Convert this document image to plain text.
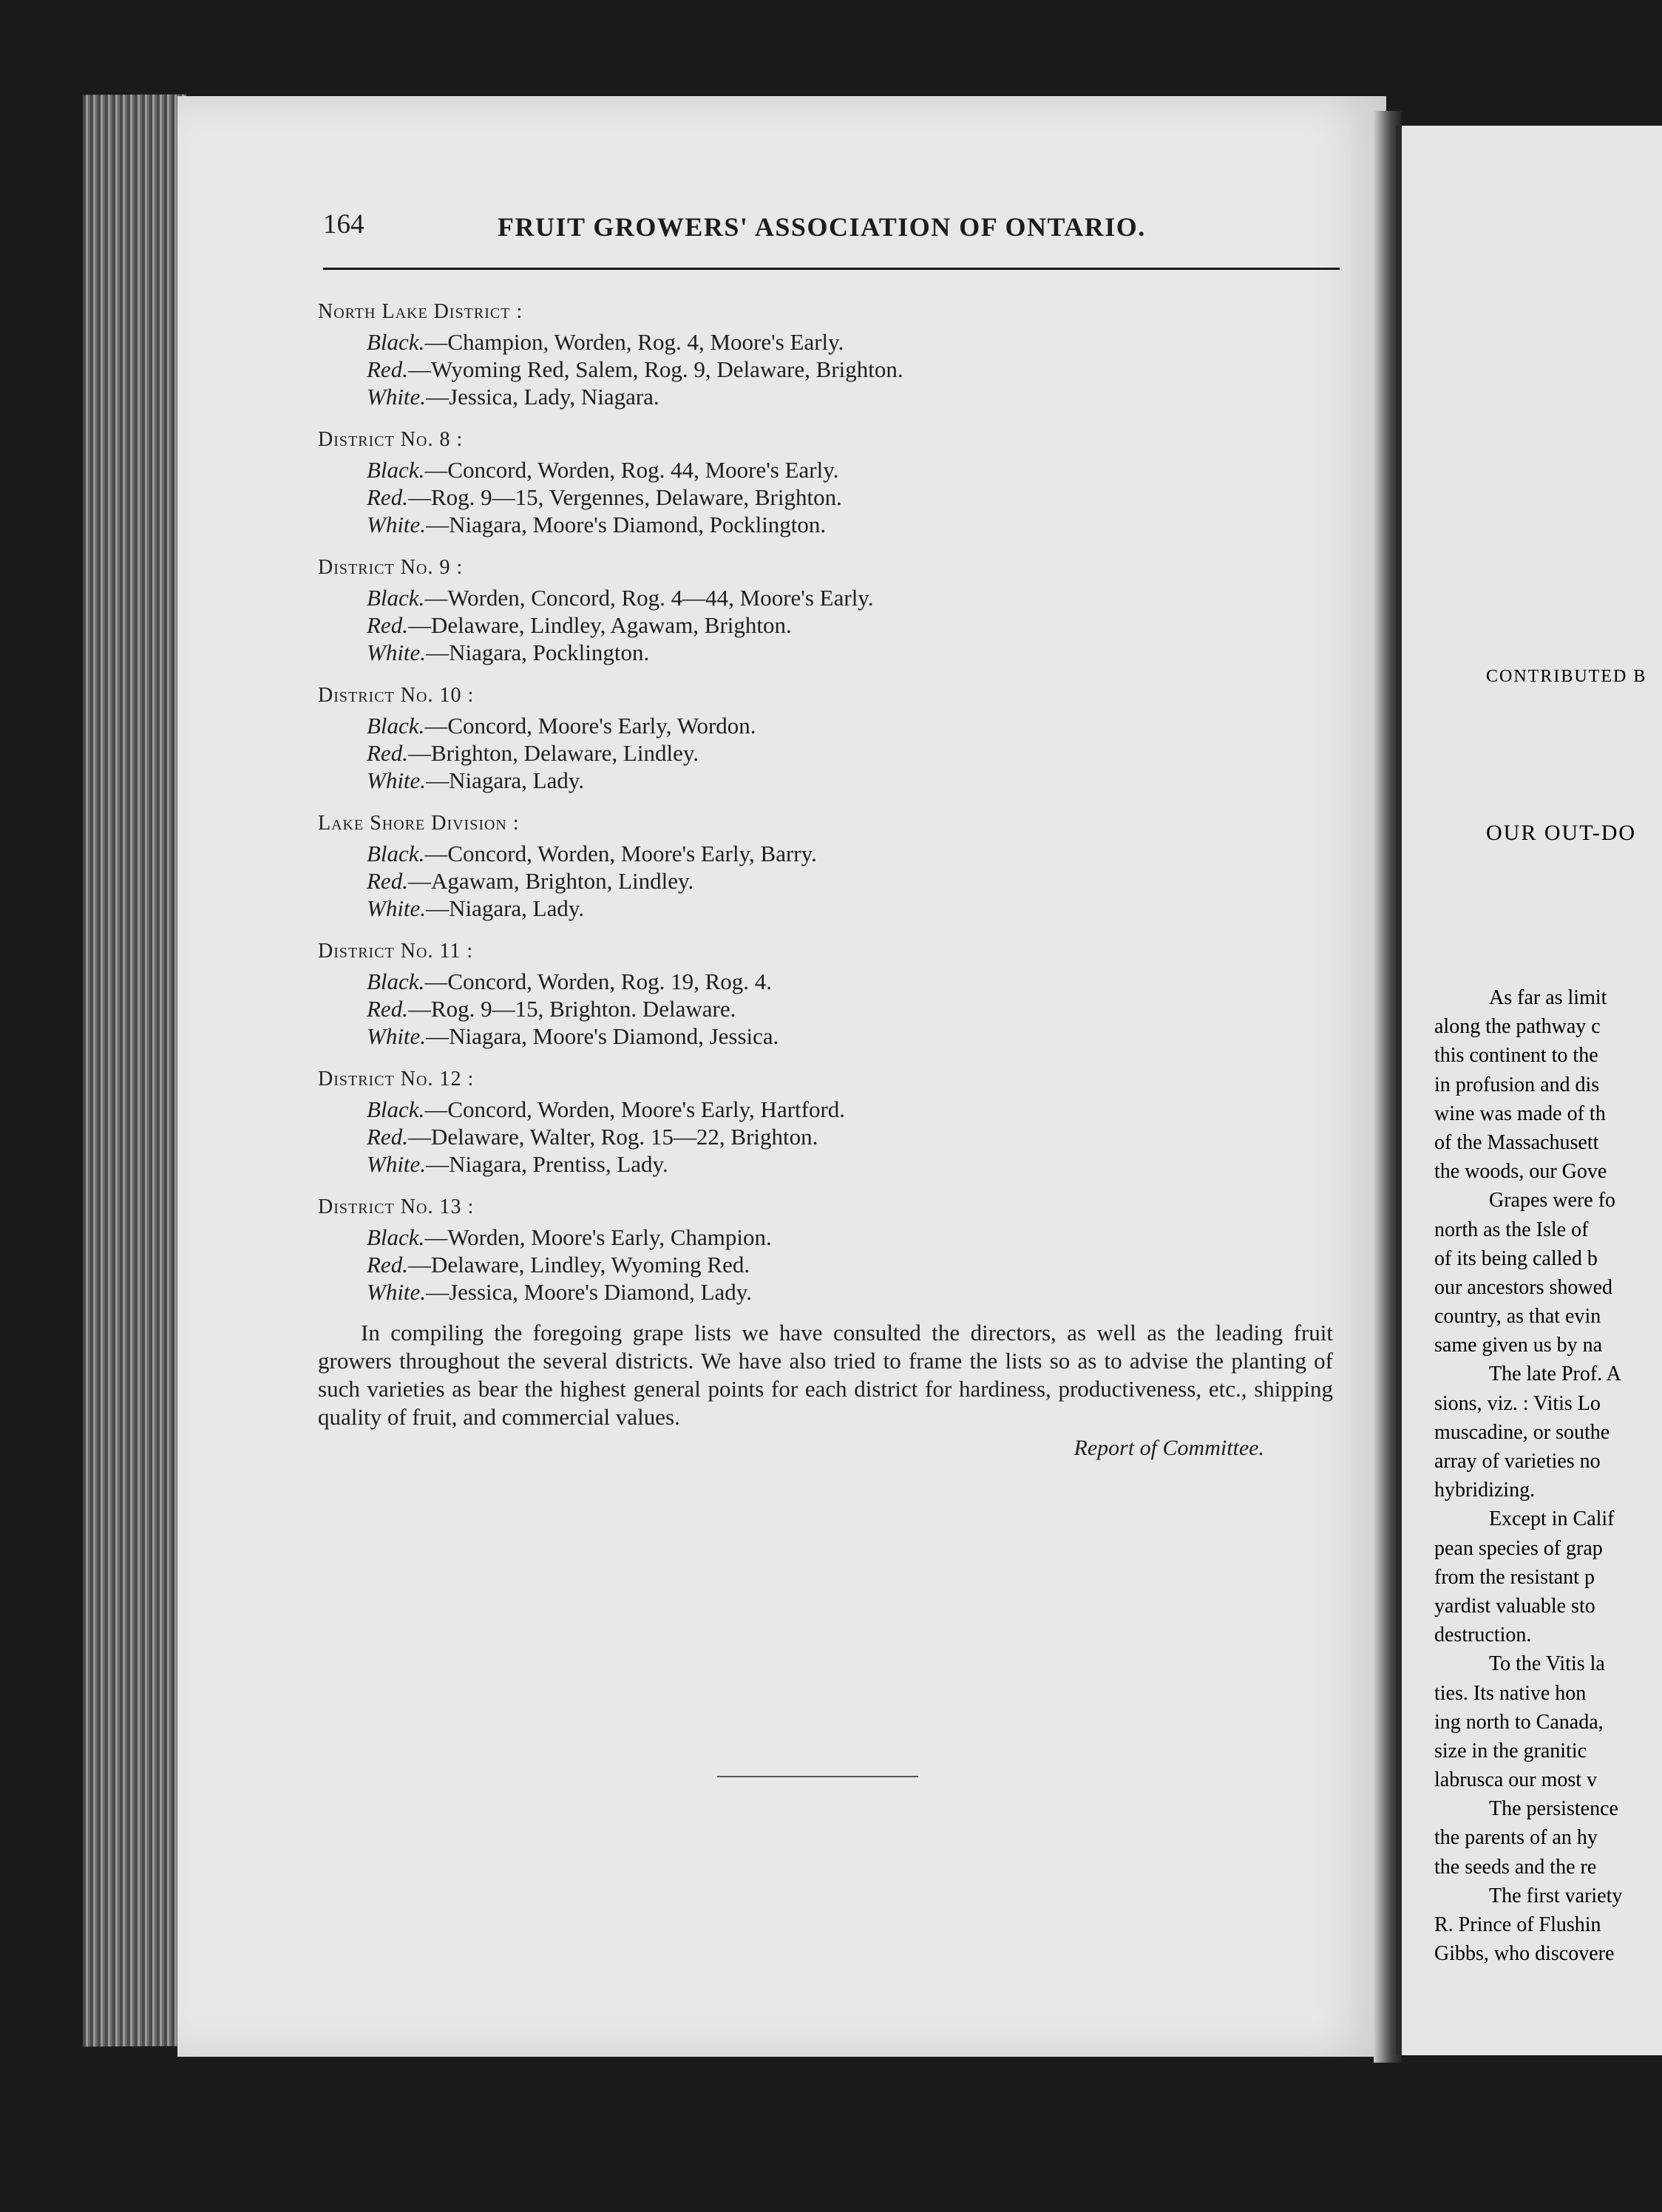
164	FRUIT GROWERS' ASSOCIATION OF ONTARIO.
North Lake District :
Black.—Champion, Worden, Rog. 4, Moore's Early.
Red.—Wyoming Red, Salem, Rog. 9, Delaware, Brighton.
White.—Jessica, Lady, Niagara.
District No. 8 :
Black.—Concord, Worden, Rog. 44, Moore's Early.
Red.—Rog. 9—15, Vergennes, Delaware, Brighton.
White.—Niagara, Moore's Diamond, Pocklington.
District No. 9 :
Black.—Worden, Concord, Rog. 4—44, Moore's Early.
Red.—Delaware, Lindley, Agawam, Brighton.
White.—Niagara, Pocklington.
District No. 10 :
Black.—Concord, Moore's Early, Wordon.
Red.—Brighton, Delaware, Lindley.
White.—Niagara, Lady.
Lake Shore Division :
Black.—Concord, Worden, Moore's Early, Barry.
Red.—Agawam, Brighton, Lindley.
White.—Niagara, Lady.
District No. 11 :
Black.—Concord, Worden, Rog. 19, Rog. 4.
Red.—Rog. 9—15, Brighton. Delaware.
White.—Niagara, Moore's Diamond, Jessica.
District No. 12 :
Black.—Concord, Worden, Moore's Early, Hartford.
Red.—Delaware, Walter, Rog. 15—22, Brighton.
White.—Niagara, Prentiss, Lady.
District No. 13 :
Black.—Worden, Moore's Early, Champion.
Red.—Delaware, Lindley, Wyoming Red.
White.—Jessica, Moore's Diamond, Lady.

In compiling the foregoing grape lists we have consulted the directors, as well as the leading fruit growers throughout the several districts. We have also tried to frame the lists so as to advise the planting of such varieties as bear the highest general points for each district for hardiness, productiveness, etc., shipping quality of fruit, and commercial values.

Report of Committee.
CONTRIBUTED B
OUR OUT-DO
As far as limit
along the pathway c
this continent to the
in profusion and dis
wine was made of th
of the Massachusett
the woods, our Gove
Grapes were fo
north as the Isle of
of its being called b
our ancestors showed
country, as that evin
same given us by na
The late Prof. A
sions, viz. : Vitis Lo
muscadine, or southe
array of varieties no
hybridizing.
Except in Calif
pean species of grap
from the resistant p
yardist valuable sto
destruction.
To the Vitis la
ties. Its native hon
ing north to Canada,
size in the granitic
labrusca our most v
The persistence
the parents of an hy
the seeds and the re
The first variety
R. Prince of Flushin
Gibbs, who discovere
